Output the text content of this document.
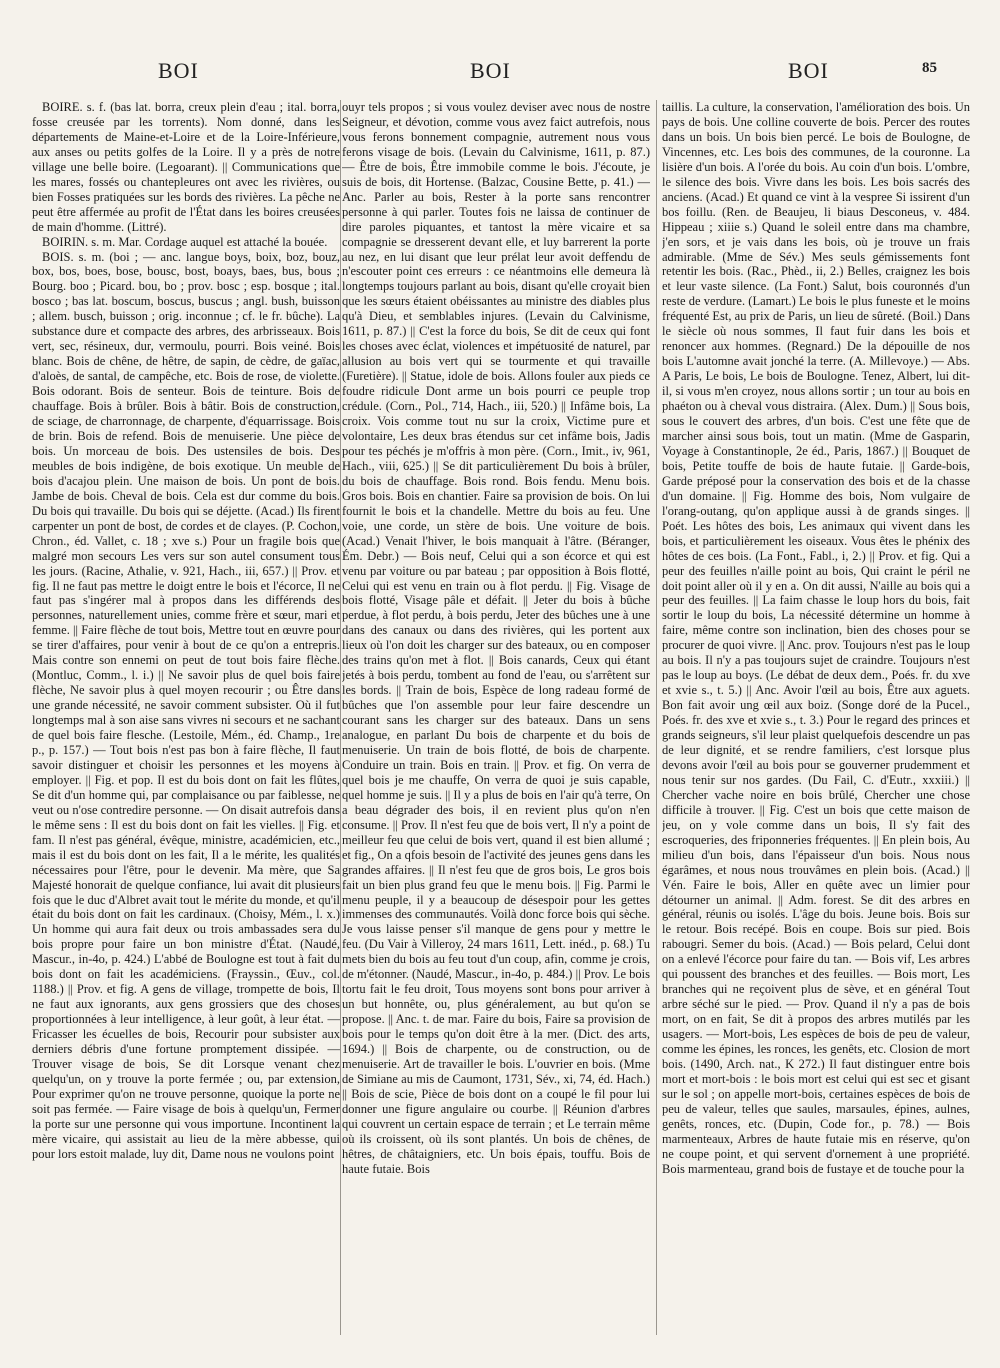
BOI	BOI	BOI	85

BOIRE. s. f. (bas lat. borra, creux plein d'eau ; ital. borra, fosse creusée par les torrents). Nom donné, dans les départements de Maine-et-Loire et de la Loire-Inférieure, aux anses ou petits golfes de la Loire. Il y a près de notre village une belle boire. (Legoarant). || Communications que les mares, fossés ou chantepleures ont avec les rivières, ou bien Fosses pratiquées sur les bords des rivières. La pêche ne peut être affermée au profit de l'État dans les boires creusées de main d'homme. (Littré).

BOIRIN. s. m. Mar. Cordage auquel est attaché la bouée.

BOIS. s. m. (boi ; — anc. langue boys, boix, boz, bouz, box, bos, boes, bose, bousc, bost, boays, baes, bus, bous ; Bourg. boo ; Picard. bou, bo ; prov. bosc ; esp. bosque ; ital. bosco ; bas lat. boscum, boscus, buscus ; angl. bush, buisson ; allem. busch, buisson ; orig. inconnue ; cf. le fr. bûche). La substance dure et compacte des arbres, des arbrisseaux. Bois vert, sec, résineux, dur, vermoulu, pourri. Bois veiné. Bois blanc. Bois de chêne, de hêtre, de sapin, de cèdre, de gaïac, d'aloès, de santal, de campêche, etc. Bois de rose, de violette. Bois odorant. Bois de senteur. Bois de teinture. Bois de chauffage. Bois à brûler. Bois à bâtir. Bois de construction, de sciage, de charronnage, de charpente, d'équarrissage. Bois de brin. Bois de refend. Bois de menuiserie. Une pièce de bois. Un morceau de bois. Des ustensiles de bois. Des meubles de bois indigène, de bois exotique. Un meuble de bois d'acajou plein. Une maison de bois. Un pont de bois. Jambe de bois. Cheval de bois. Cela est dur comme du bois. Du bois qui travaille. Du bois qui se déjette. (Acad.) Ils firent carpenter un pont de bost, de cordes et de clayes. (P. Cochon, Chron., éd. Vallet, c. 18 ; xve s.) Pour un fragile bois que malgré mon secours Les vers sur son autel consument tous les jours. (Racine, Athalie, v. 921, Hach., iii, 657.) || Prov. et fig. Il ne faut pas mettre le doigt entre le bois et l'écorce, Il ne faut pas s'ingérer mal à propos dans les différends des personnes, naturellement unies, comme frère et sœur, mari et femme. || Faire flèche de tout bois, Mettre tout en œuvre pour se tirer d'affaires, pour venir à bout de ce qu'on a entrepris. Mais contre son ennemi on peut de tout bois faire flèche. (Montluc, Comm., l. i.) || Ne savoir plus de quel bois faire flèche, Ne savoir plus à quel moyen recourir ; ou Être dans une grande nécessité, ne savoir comment subsister. Où il fut longtemps mal à son aise sans vivres ni secours et ne sachant de quel bois faire flesche. (Lestoile, Mém., éd. Champ., 1re p., p. 157.) — Tout bois n'est pas bon à faire flèche, Il faut savoir distinguer et choisir les personnes et les moyens à employer. || Fig. et pop. Il est du bois dont on fait les flûtes, Se dit d'un homme qui, par complaisance ou par faiblesse, ne veut ou n'ose contredire personne. — On disait autrefois dans le même sens : Il est du bois dont on fait les vielles. || Fig. et fam. Il n'est pas général, évêque, ministre, académicien, etc., mais il est du bois dont on les fait, Il a le mérite, les qualités nécessaires pour l'être, pour le devenir. Ma mère, que Sa Majesté honorait de quelque confiance, lui avait dit plusieurs fois que le duc d'Albret avait tout le mérite du monde, et qu'il était du bois dont on fait les cardinaux. (Choisy, Mém., l. x.) Un homme qui aura fait deux ou trois ambassades sera du bois propre pour faire un bon ministre d'État. (Naudé, Mascur., in-4o, p. 424.) L'abbé de Boulogne est tout à fait du bois dont on fait les académiciens. (Frayssin., Œuv., col. 1188.) || Prov. et fig. A gens de village, trompette de bois, Il ne faut aux ignorants, aux gens grossiers que des choses proportionnées à leur intelligence, à leur goût, à leur état. — Fricasser les écuelles de bois, Recourir pour subsister aux derniers débris d'une fortune promptement dissipée. — Trouver visage de bois, Se dit Lorsque venant chez quelqu'un, on y trouve la porte fermée ; ou, par extension, Pour exprimer qu'on ne trouve personne, quoique la porte ne soit pas fermée. — Faire visage de bois à quelqu'un, Fermer la porte sur une personne qui vous importune. Incontinent la mère vicaire, qui assistait au lieu de la mère abbesse, qui pour lors estoit malade, luy dit, Dame nous ne voulons point

ouyr tels propos ; si vous voulez deviser avec nous de nostre Seigneur, et dévotion, comme vous avez faict autrefois, nous vous ferons bonnement compagnie, autrement nous vous ferons visage de bois. (Levain du Calvinisme, 1611, p. 87.) — Être de bois, Être immobile comme le bois. J'écoute, je suis de bois, dit Hortense. (Balzac, Cousine Bette, p. 41.) — Anc. Parler au bois, Rester à la porte sans rencontrer personne à qui parler. Toutes fois ne laissa de continuer de dire paroles piquantes, et tantost la mère vicaire et sa compagnie se dresserent devant elle, et luy barrerent la porte au nez, en lui disant que leur prélat leur avoit deffendu de n'escouter point ces erreurs : ce néantmoins elle demeura là longtemps toujours parlant au bois, disant qu'elle croyait bien que les sœurs étaient obéissantes au ministre des diables plus qu'à Dieu, et semblables injures. (Levain du Calvinisme, 1611, p. 87.) || C'est la force du bois, Se dit de ceux qui font les choses avec éclat, violences et impétuosité de naturel, par allusion au bois vert qui se tourmente et qui travaille (Furetière). || Statue, idole de bois. Allons fouler aux pieds ce foudre ridicule Dont arme un bois pourri ce peuple trop crédule. (Corn., Pol., 714, Hach., iii, 520.) || Infâme bois, La croix. Vois comme tout nu sur la croix, Victime pure et volontaire, Les deux bras étendus sur cet infâme bois, Jadis pour tes péchés je m'offris à mon père. (Corn., Imit., iv, 961, Hach., viii, 625.) || Se dit particulièrement Du bois à brûler, du bois de chauffage. Bois rond. Bois fendu. Menu bois. Gros bois. Bois en chantier. Faire sa provision de bois. On lui fournit le bois et la chandelle. Mettre du bois au feu. Une voie, une corde, un stère de bois. Une voiture de bois. (Acad.) Venait l'hiver, le bois manquait à l'âtre. (Béranger, Ém. Debr.) — Bois neuf, Celui qui a son écorce et qui est venu par voiture ou par bateau ; par opposition à Bois flotté, Celui qui est venu en train ou à flot perdu. || Fig. Visage de bois flotté, Visage pâle et défait. || Jeter du bois à bûche perdue, à flot perdu, à bois perdu, Jeter des bûches une à une dans des canaux ou dans des rivières, qui les portent aux lieux où l'on doit les charger sur des bateaux, ou en composer des trains qu'on met à flot. || Bois canards, Ceux qui étant jetés à bois perdu, tombent au fond de l'eau, ou s'arrêtent sur les bords. || Train de bois, Espèce de long radeau formé de bûches que l'on assemble pour leur faire descendre un courant sans les charger sur des bateaux. Dans un sens analogue, en parlant Du bois de charpente et du bois de menuiserie. Un train de bois flotté, de bois de charpente. Conduire un train. Bois en train. || Prov. et fig. On verra de quel bois je me chauffe, On verra de quoi je suis capable, quel homme je suis. || Il y a plus de bois en l'air qu'à terre, On a beau dégrader des bois, il en revient plus qu'on n'en consume. || Prov. Il n'est feu que de bois vert, Il n'y a point de meilleur feu que celui de bois vert, quand il est bien allumé ; et fig., On a qfois besoin de l'activité des jeunes gens dans les grandes affaires. || Il n'est feu que de gros bois, Le gros bois fait un bien plus grand feu que le menu bois. || Fig. Parmi le menu peuple, il y a beaucoup de désespoir pour les gettes immenses des communautés. Voilà donc force bois qui sèche. Je vous laisse penser s'il manque de gens pour y mettre le feu. (Du Vair à Villeroy, 24 mars 1611, Lett. inéd., p. 68.) Tu mets bien du bois au feu tout d'un coup, afin, comme je crois, de m'étonner. (Naudé, Mascur., in-4o, p. 484.) || Prov. Le bois tortu fait le feu droit, Tous moyens sont bons pour arriver à un but honnête, ou, plus généralement, au but qu'on se propose. || Anc. t. de mar. Faire du bois, Faire sa provision de bois pour le temps qu'on doit être à la mer. (Dict. des arts, 1694.) || Bois de charpente, ou de construction, ou de menuiserie. Art de travailler le bois. L'ouvrier en bois. (Mme de Simiane au mis de Caumont, 1731, Sév., xi, 74, éd. Hach.) || Bois de scie, Pièce de bois dont on a coupé le fil pour lui donner une figure angulaire ou courbe. || Réunion d'arbres qui couvrent un certain espace de terrain ; et Le terrain même où ils croissent, où ils sont plantés. Un bois de chênes, de hêtres, de châtaigniers, etc. Un bois épais, touffu. Bois de haute futaie. Bois

taillis. La culture, la conservation, l'amélioration des bois. Un pays de bois. Une colline couverte de bois. Percer des routes dans un bois. Un bois bien percé. Le bois de Boulogne, de Vincennes, etc. Les bois des communes, de la couronne. La lisière d'un bois. A l'orée du bois. Au coin d'un bois. L'ombre, le silence des bois. Vivre dans les bois. Les bois sacrés des anciens. (Acad.) Et quand ce vint à la vespree Si issirent d'un bos foillu. (Ren. de Beaujeu, li biaus Desconeus, v. 484. Hippeau ; xiiie s.) Quand le soleil entre dans ma chambre, j'en sors, et je vais dans les bois, où je trouve un frais admirable. (Mme de Sév.) Mes seuls gémissements font retentir les bois. (Rac., Phèd., ii, 2.) Belles, craignez les bois et leur vaste silence. (La Font.) Salut, bois couronnés d'un reste de verdure. (Lamart.) Le bois le plus funeste et le moins fréquenté Est, au prix de Paris, un lieu de sûreté. (Boil.) Dans le siècle où nous sommes, Il faut fuir dans les bois et renoncer aux hommes. (Regnard.) De la dépouille de nos bois L'automne avait jonché la terre. (A. Millevoye.) — Abs. A Paris, Le bois, Le bois de Boulogne. Tenez, Albert, lui dit-il, si vous m'en croyez, nous allons sortir ; un tour au bois en phaéton ou à cheval vous distraira. (Alex. Dum.) || Sous bois, sous le couvert des arbres, d'un bois. C'est une fête que de marcher ainsi sous bois, tout un matin. (Mme de Gasparin, Voyage à Constantinople, 2e éd., Paris, 1867.) || Bouquet de bois, Petite touffe de bois de haute futaie. || Garde-bois, Garde préposé pour la conservation des bois et de la chasse d'un domaine. || Fig. Homme des bois, Nom vulgaire de l'orang-outang, qu'on applique aussi à de grands singes. || Poét. Les hôtes des bois, Les animaux qui vivent dans les bois, et particulièrement les oiseaux. Vous êtes le phénix des hôtes de ces bois. (La Font., Fabl., i, 2.) || Prov. et fig. Qui a peur des feuilles n'aille point au bois, Qui craint le péril ne doit point aller où il y en a. On dit aussi, N'aille au bois qui a peur des feuilles. || La faim chasse le loup hors du bois, fait sortir le loup du bois, La nécessité détermine un homme à faire, même contre son inclination, bien des choses pour se procurer de quoi vivre. || Anc. prov. Toujours n'est pas le loup au bois. Il n'y a pas toujours sujet de craindre. Toujours n'est pas le loup au boys. (Le débat de deux dem., Poés. fr. du xve et xvie s., t. 5.) || Anc. Avoir l'œil au bois, Être aux aguets. Bon fait avoir ung œil aux boiz. (Songe doré de la Pucel., Poés. fr. des xve et xvie s., t. 3.) Pour le regard des princes et grands seigneurs, s'il leur plaist quelquefois descendre un pas de leur dignité, et se rendre familiers, c'est lorsque plus devons avoir l'œil au bois pour se gouverner prudemment et nous tenir sur nos gardes. (Du Fail, C. d'Eutr., xxxiii.) || Chercher vache noire en bois brûlé, Chercher une chose difficile à trouver. || Fig. C'est un bois que cette maison de jeu, on y vole comme dans un bois, Il s'y fait des escroqueries, des friponneries fréquentes. || En plein bois, Au milieu d'un bois, dans l'épaisseur d'un bois. Nous nous égarâmes, et nous nous trouvâmes en plein bois. (Acad.) || Vén. Faire le bois, Aller en quête avec un limier pour détourner un animal. || Adm. forest. Se dit des arbres en général, réunis ou isolés. L'âge du bois. Jeune bois. Bois sur le retour. Bois recépé. Bois en coupe. Bois sur pied. Bois rabougri. Semer du bois. (Acad.) — Bois pelard, Celui dont on a enlevé l'écorce pour faire du tan. — Bois vif, Les arbres qui poussent des branches et des feuilles. — Bois mort, Les branches qui ne reçoivent plus de sève, et en général Tout arbre séché sur le pied. — Prov. Quand il n'y a pas de bois mort, on en fait, Se dit à propos des arbres mutilés par les usagers. — Mort-bois, Les espèces de bois de peu de valeur, comme les épines, les ronces, les genêts, etc. Closion de mort bois. (1490, Arch. nat., K 272.) Il faut distinguer entre bois mort et mort-bois : le bois mort est celui qui est sec et gisant sur le sol ; on appelle mort-bois, certaines espèces de bois de peu de valeur, telles que saules, marsaules, épines, aulnes, genêts, ronces, etc. (Dupin, Code for., p. 78.) — Bois marmenteaux, Arbres de haute futaie mis en réserve, qu'on ne coupe point, et qui servent d'ornement à une propriété. Bois marmenteau, grand bois de fustaye et de touche pour la
